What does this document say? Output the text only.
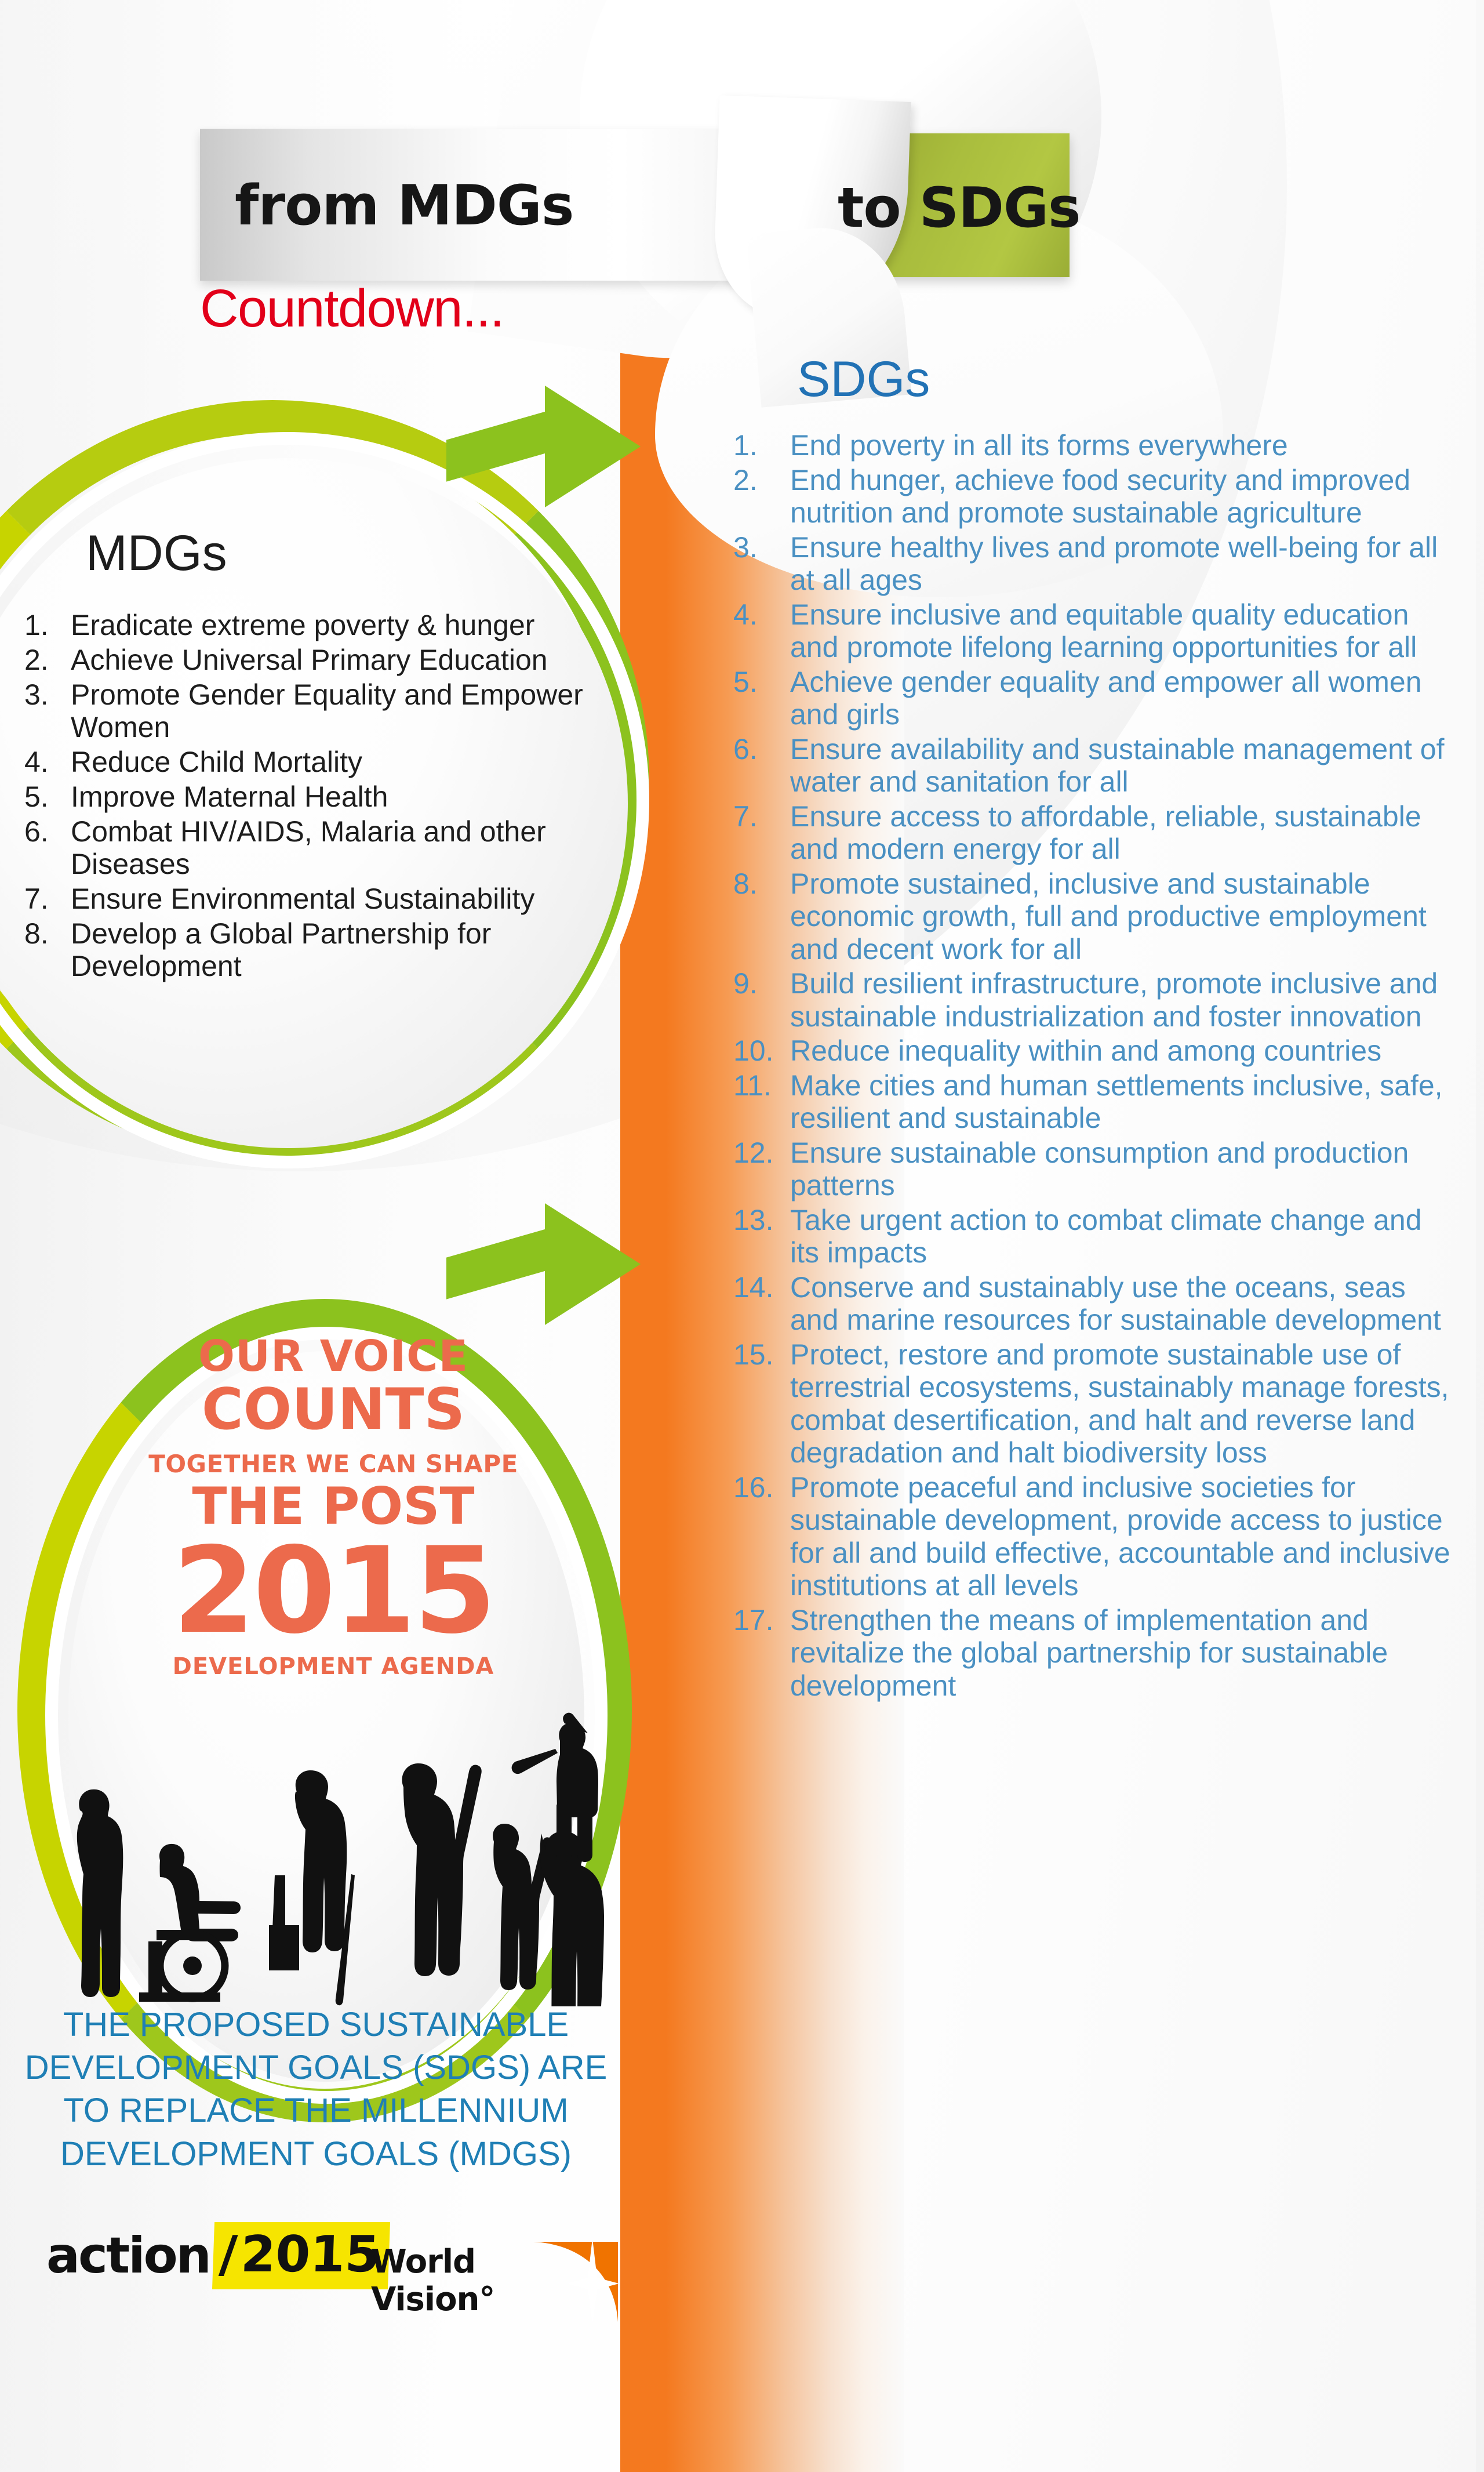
from MDGs	to SDGs
Countdown...
MDGs
1. Eradicate extreme poverty & hunger
2. Achieve Universal Primary Education
3. Promote Gender Equality and Empower Women
4. Reduce Child Mortality
5. Improve Maternal Health
6. Combat HIV/AIDS, Malaria and other Diseases
7. Ensure Environmental Sustainability
8. Develop a Global Partnership for Development
OUR VOICE
COUNTS
TOGETHER WE CAN SHAPE
THE POST
2015
DEVELOPMENT AGENDA
THE PROPOSED SUSTAINABLE DEVELOPMENT GOALS (SDGS) ARE TO REPLACE THE MILLENNIUM DEVELOPMENT GOALS (MDGS)
action / 2015
World Vision°
SDGs
1.	End poverty in all its forms everywhere
2.	End hunger, achieve food security and improved nutrition and promote sustainable agriculture
3.	Ensure healthy lives and promote well-being for all at all ages
4.	Ensure inclusive and equitable quality education and promote lifelong learning opportunities for all
5.	Achieve gender equality and empower all women and girls
6.	Ensure availability and sustainable management of water and sanitation for all
7.	Ensure access to affordable, reliable, sustainable and modern energy for all
8.	Promote sustained, inclusive and sustainable economic growth, full and productive employment and decent work for all
9.	Build resilient infrastructure, promote inclusive and sustainable industrialization and foster innovation
10. Reduce inequality within and among countries
11. Make cities and human settlements inclusive, safe, resilient and sustainable
12. Ensure sustainable consumption and production patterns
13. Take urgent action to combat climate change and its impacts
14. Conserve and sustainably use the oceans, seas and marine resources for sustainable development
15. Protect, restore and promote sustainable use of terrestrial ecosystems, sustainably manage forests, combat desertification, and halt and reverse land degradation and halt biodiversity loss
16. Promote peaceful and inclusive societies for sustainable development, provide access to justice for all and build effective, accountable and inclusive institutions at all levels
17. Strengthen the means of implementation and revitalize the global partnership for sustainable development
